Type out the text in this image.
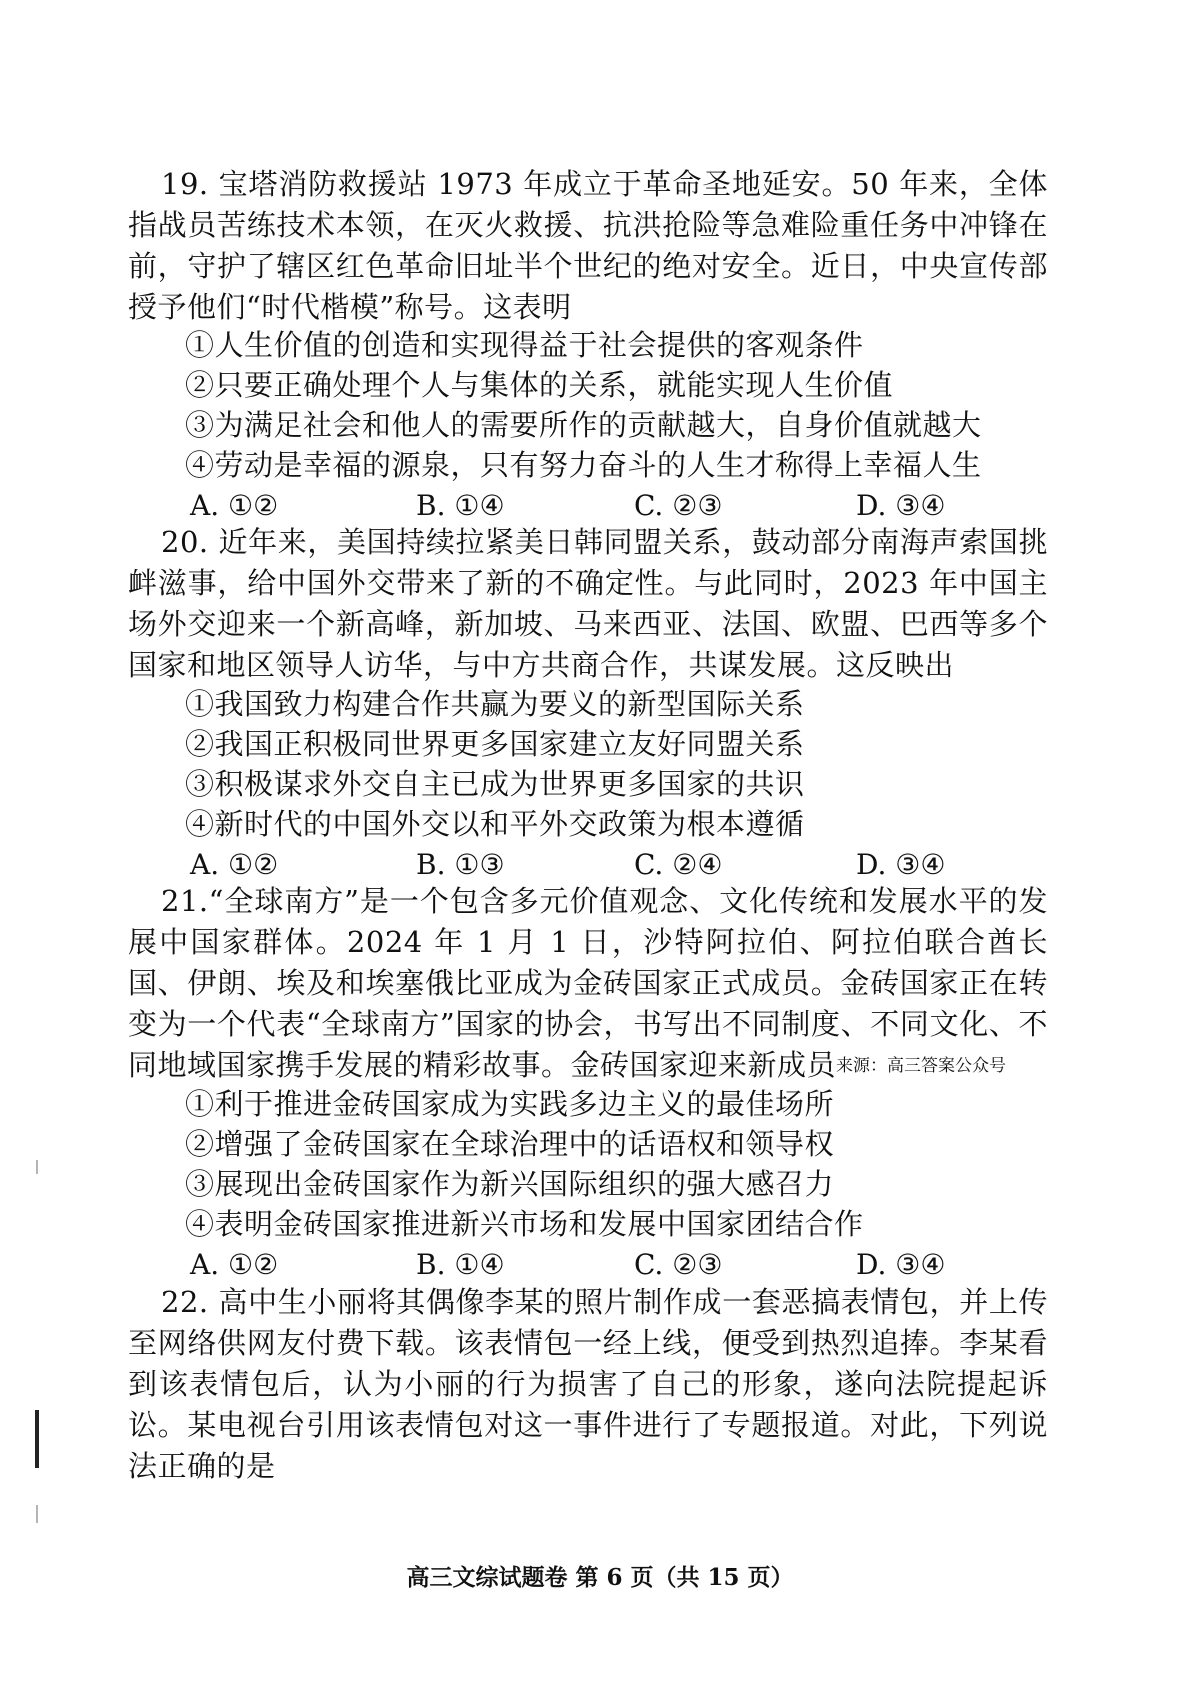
19. 宝塔消防救援站 1973 年成立于革命圣地延安。50 年来，全体指战员苦练技术本领，在灭火救援、抗洪抢险等急难险重任务中冲锋在前，守护了辖区红色革命旧址半个世纪的绝对安全。近日，中央宣传部授予他们“时代楷模”称号。这表明
①人生价值的创造和实现得益于社会提供的客观条件
②只要正确处理个人与集体的关系，就能实现人生价值
③为满足社会和他人的需要所作的贡献越大，自身价值就越大
④劳动是幸福的源泉，只有努力奋斗的人生才称得上幸福人生
A. ①②	B. ①④	C. ②③	D. ③④
20. 近年来，美国持续拉紧美日韩同盟关系，鼓动部分南海声索国挑衅滋事，给中国外交带来了新的不确定性。与此同时，2023 年中国主场外交迎来一个新高峰，新加坡、马来西亚、法国、欧盟、巴西等多个国家和地区领导人访华，与中方共商合作，共谋发展。这反映出
①我国致力构建合作共赢为要义的新型国际关系
②我国正积极同世界更多国家建立友好同盟关系
③积极谋求外交自主已成为世界更多国家的共识
④新时代的中国外交以和平外交政策为根本遵循
A. ①②	B. ①③	C. ②④	D. ③④
21.“全球南方”是一个包含多元价值观念、文化传统和发展水平的发展中国家群体。2024 年 1 月 1 日，沙特阿拉伯、阿拉伯联合酋长国、伊朗、埃及和埃塞俄比亚成为金砖国家正式成员。金砖国家正在转变为一个代表“全球南方”国家的协会，书写出不同制度、不同文化、不同地域国家携手发展的精彩故事。金砖国家迎来新成员来源：高三答案公众号
①利于推进金砖国家成为实践多边主义的最佳场所
②增强了金砖国家在全球治理中的话语权和领导权
③展现出金砖国家作为新兴国际组织的强大感召力
④表明金砖国家推进新兴市场和发展中国家团结合作
A. ①②	B. ①④	C. ②③	D. ③④
22. 高中生小丽将其偶像李某的照片制作成一套恶搞表情包，并上传至网络供网友付费下载。该表情包一经上线，便受到热烈追捧。李某看到该表情包后，认为小丽的行为损害了自己的形象，遂向法院提起诉讼。某电视台引用该表情包对这一事件进行了专题报道。对此，下列说法正确的是
高三文综试题卷 第 6 页（共 15 页）
